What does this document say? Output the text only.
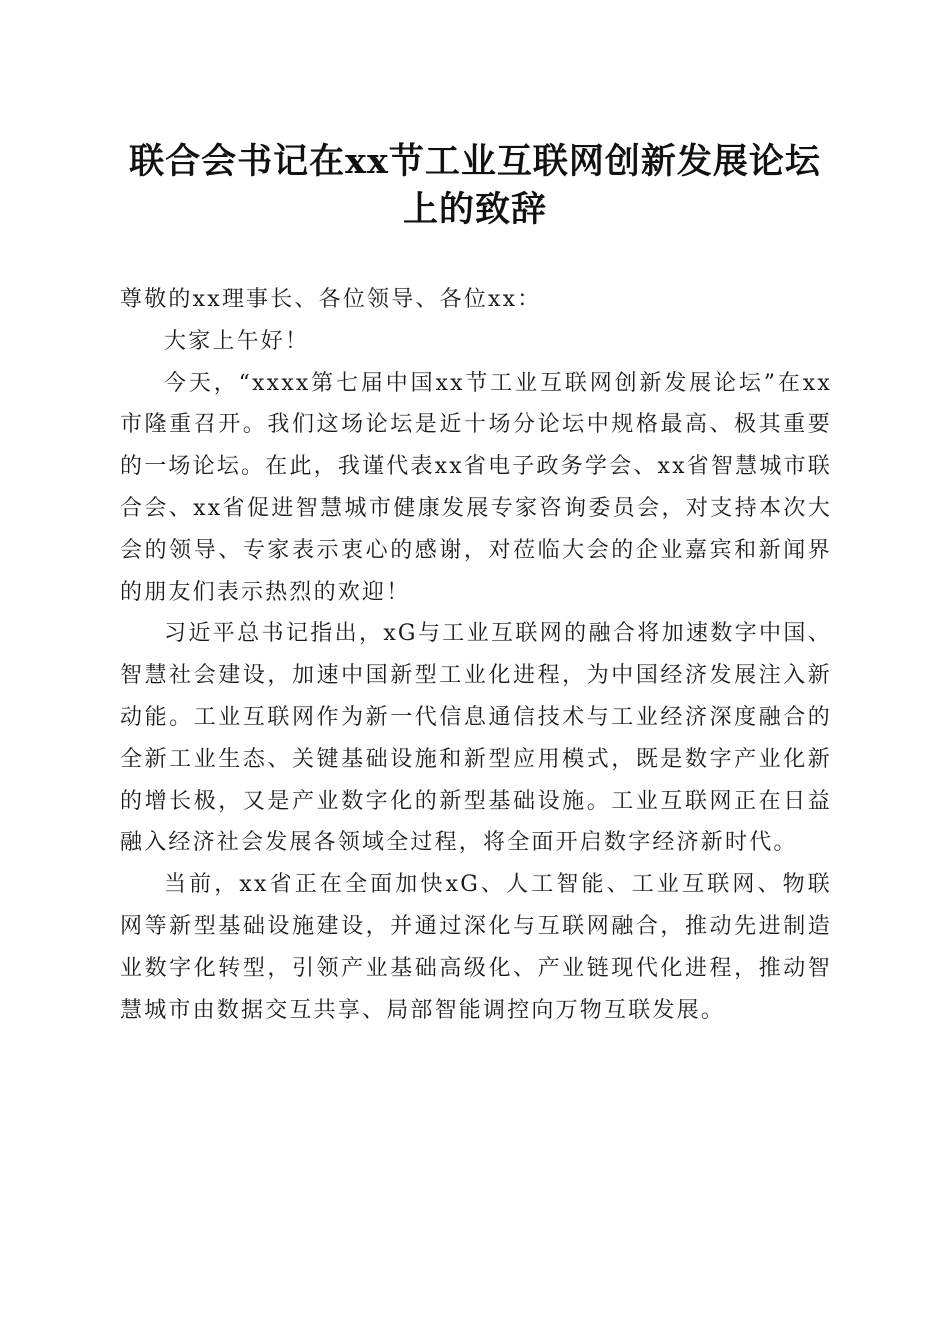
联合会书记在xx节工业互联网创新发展论坛
上的致辞

尊敬的xx理事长、各位领导、各位xx：

大家上午好！

今天，“xxxx第七届中国xx节工业互联网创新发展论坛”在xx市隆重召开。我们这场论坛是近十场分论坛中规格最高、极其重要的一场论坛。在此，我谨代表xx省电子政务学会、xx省智慧城市联合会、xx省促进智慧城市健康发展专家咨询委员会，对支持本次大会的领导、专家表示衷心的感谢，对莅临大会的企业嘉宾和新闻界的朋友们表示热烈的欢迎！

习近平总书记指出，xG与工业互联网的融合将加速数字中国、智慧社会建设，加速中国新型工业化进程，为中国经济发展注入新动能。工业互联网作为新一代信息通信技术与工业经济深度融合的全新工业生态、关键基础设施和新型应用模式，既是数字产业化新的增长极，又是产业数字化的新型基础设施。工业互联网正在日益融入经济社会发展各领域全过程，将全面开启数字经济新时代。

当前，xx省正在全面加快xG、人工智能、工业互联网、物联网等新型基础设施建设，并通过深化与互联网融合，推动先进制造业数字化转型，引领产业基础高级化、产业链现代化进程，推动智慧城市由数据交互共享、局部智能调控向万物互联发展。
